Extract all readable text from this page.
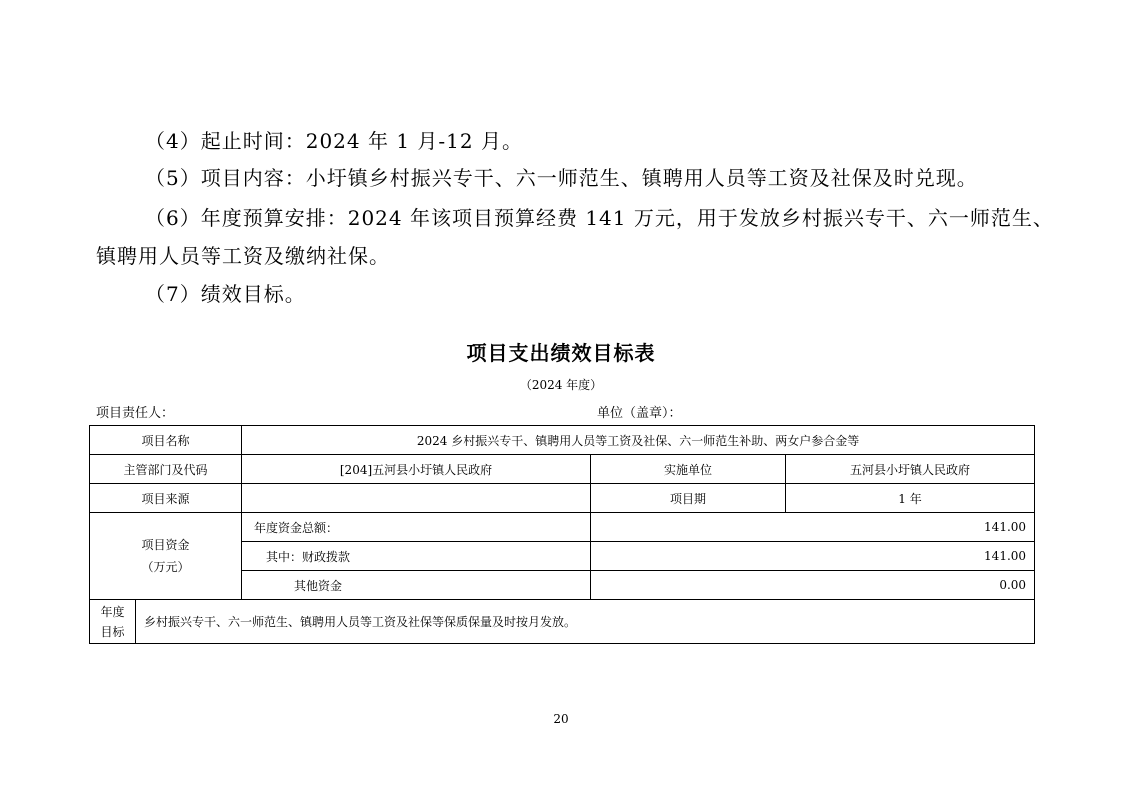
（4）起止时间：2024 年 1 月-12 月。
（5）项目内容：小圩镇乡村振兴专干、六一师范生、镇聘用人员等工资及社保及时兑现。
（6）年度预算安排：2024 年该项目预算经费 141 万元，用于发放乡村振兴专干、六一师范生、
镇聘用人员等工资及缴纳社保。
（7）绩效目标。
项目支出绩效目标表
（2024 年度）
项目责任人：	单位（盖章）：
项目名称		2024 乡村振兴专干、镇聘用人员等工资及社保、六一师范生补助、两女户参合金等		
主管部门及代码		[204]五河县小圩镇人民政府	实施单位	五河县小圩镇人民政府
项目来源			项目期	1 年

项目资金
（万元）		年度资金总额：	141.00	
		其中：财政拨款	141.00	
		其他资金	0.00	

年度
目标	乡村振兴专干、六一师范生、镇聘用人员等工资及社保等保质保量及时按月发放。			
20
